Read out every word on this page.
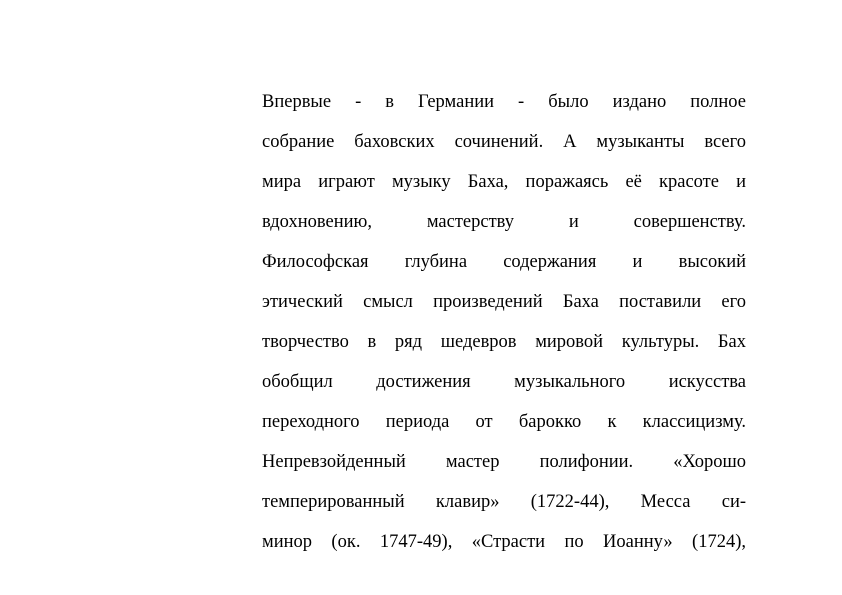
Впервые - в Германии - было издано полное
собрание баховских сочинений. А музыканты всего
мира играют музыку Баха, поражаясь её красоте и
вдохновению, мастерству и совершенству.
Философская глубина содержания и высокий
этический смысл произведений Баха поставили его
творчество в ряд шедевров мировой культуры. Бах
обобщил достижения музыкального искусства
переходного периода от барокко к классицизму.
Непревзойденный мастер полифонии. «Хорошо
темперированный клавир» (1722-44), Месса си-
минор (ок. 1747-49), «Страсти по Иоанну» (1724),
